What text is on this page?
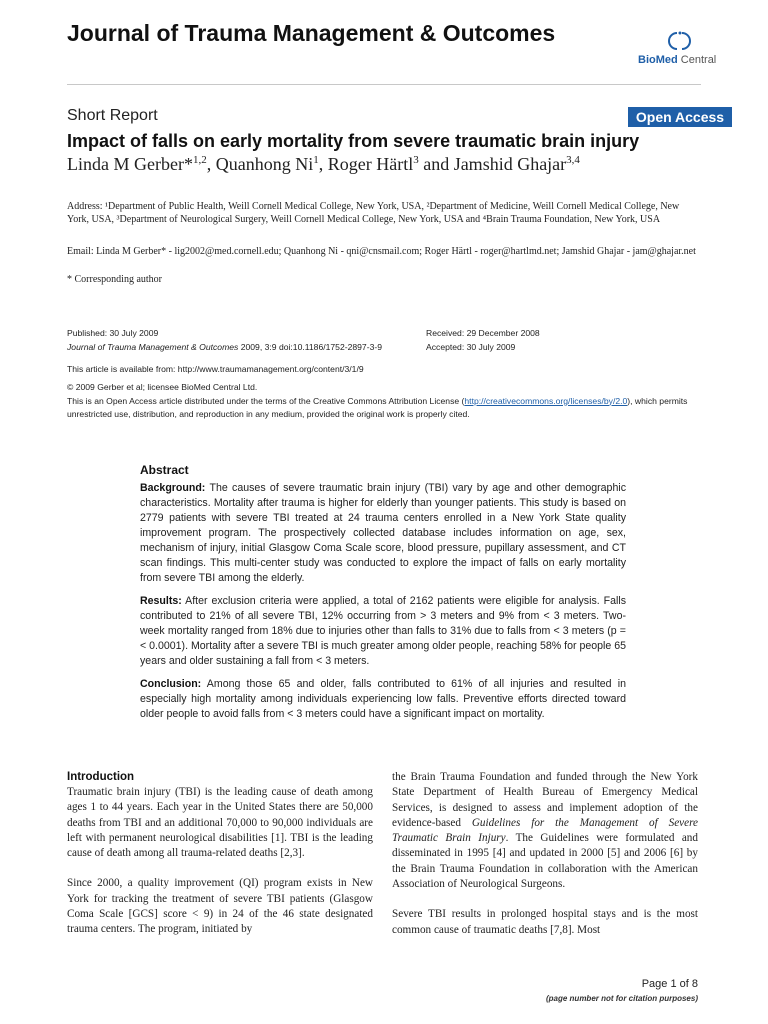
Journal of Trauma Management & Outcomes
BioMed Central
Short Report	Open Access
Impact of falls on early mortality from severe traumatic brain injury
Linda M Gerber*$^{1,2}$, Quanhong Ni$^1$, Roger Härtl$^3$ and Jamshid Ghajar$^{3,4}$
Address: ¹Department of Public Health, Weill Cornell Medical College, New York, USA, ²Department of Medicine, Weill Cornell Medical College, New York, USA, ³Department of Neurological Surgery, Weill Cornell Medical College, New York, USA and ⁴Brain Trauma Foundation, New York, USA
Email: Linda M Gerber* - lig2002@med.cornell.edu; Quanhong Ni - qni@cnsmail.com; Roger Härtl - roger@hartlmd.net; Jamshid Ghajar - jam@ghajar.net
* Corresponding author
Published: 30 July 2009
Journal of Trauma Management & Outcomes 2009, 3:9 doi:10.1186/1752-2897-3-9
Received: 29 December 2008
Accepted: 30 July 2009
This article is available from: http://www.traumamanagement.org/content/3/1/9
© 2009 Gerber et al; licensee BioMed Central Ltd.
This is an Open Access article distributed under the terms of the Creative Commons Attribution License (http://creativecommons.org/licenses/by/2.0), which permits unrestricted use, distribution, and reproduction in any medium, provided the original work is properly cited.
Abstract
Background: The causes of severe traumatic brain injury (TBI) vary by age and other demographic characteristics. Mortality after trauma is higher for elderly than younger patients. This study is based on 2779 patients with severe TBI treated at 24 trauma centers enrolled in a New York State quality improvement program. The prospectively collected database includes information on age, sex, mechanism of injury, initial Glasgow Coma Scale score, blood pressure, pupillary assessment, and CT scan findings. This multi-center study was conducted to explore the impact of falls on early mortality from severe TBI among the elderly.
Results: After exclusion criteria were applied, a total of 2162 patients were eligible for analysis. Falls contributed to 21% of all severe TBI, 12% occurring from > 3 meters and 9% from < 3 meters. Two-week mortality ranged from 18% due to injuries other than falls to 31% due to falls from < 3 meters (p =< 0.0001). Mortality after a severe TBI is much greater among older people, reaching 58% for people 65 years and older sustaining a fall from < 3 meters.
Conclusion: Among those 65 and older, falls contributed to 61% of all injuries and resulted in especially high mortality among individuals experiencing low falls. Preventive efforts directed toward older people to avoid falls from < 3 meters could have a significant impact on mortality.
Introduction

Traumatic brain injury (TBI) is the leading cause of death among ages 1 to 44 years. Each year in the United States there are 50,000 deaths from TBI and an additional 70,000 to 90,000 individuals are left with permanent neurological disabilities [1]. TBI is the leading cause of death among all trauma-related deaths [2,3].

Since 2000, a quality improvement (QI) program exists in New York for tracking the treatment of severe TBI patients (Glasgow Coma Scale [GCS] score < 9) in 24 of the 46 state designated trauma centers. The program, initiated by

the Brain Trauma Foundation and funded through the New York State Department of Health Bureau of Emergency Medical Services, is designed to assess and implement adoption of the evidence-based Guidelines for the Management of Severe Traumatic Brain Injury. The Guidelines were formulated and disseminated in 1995 [4] and updated in 2000 [5] and 2006 [6] by the Brain Trauma Foundation in collaboration with the American Association of Neurological Surgeons.

Severe TBI results in prolonged hospital stays and is the most common cause of traumatic deaths [7,8]. Most

Page 1 of 8
(page number not for citation purposes)
